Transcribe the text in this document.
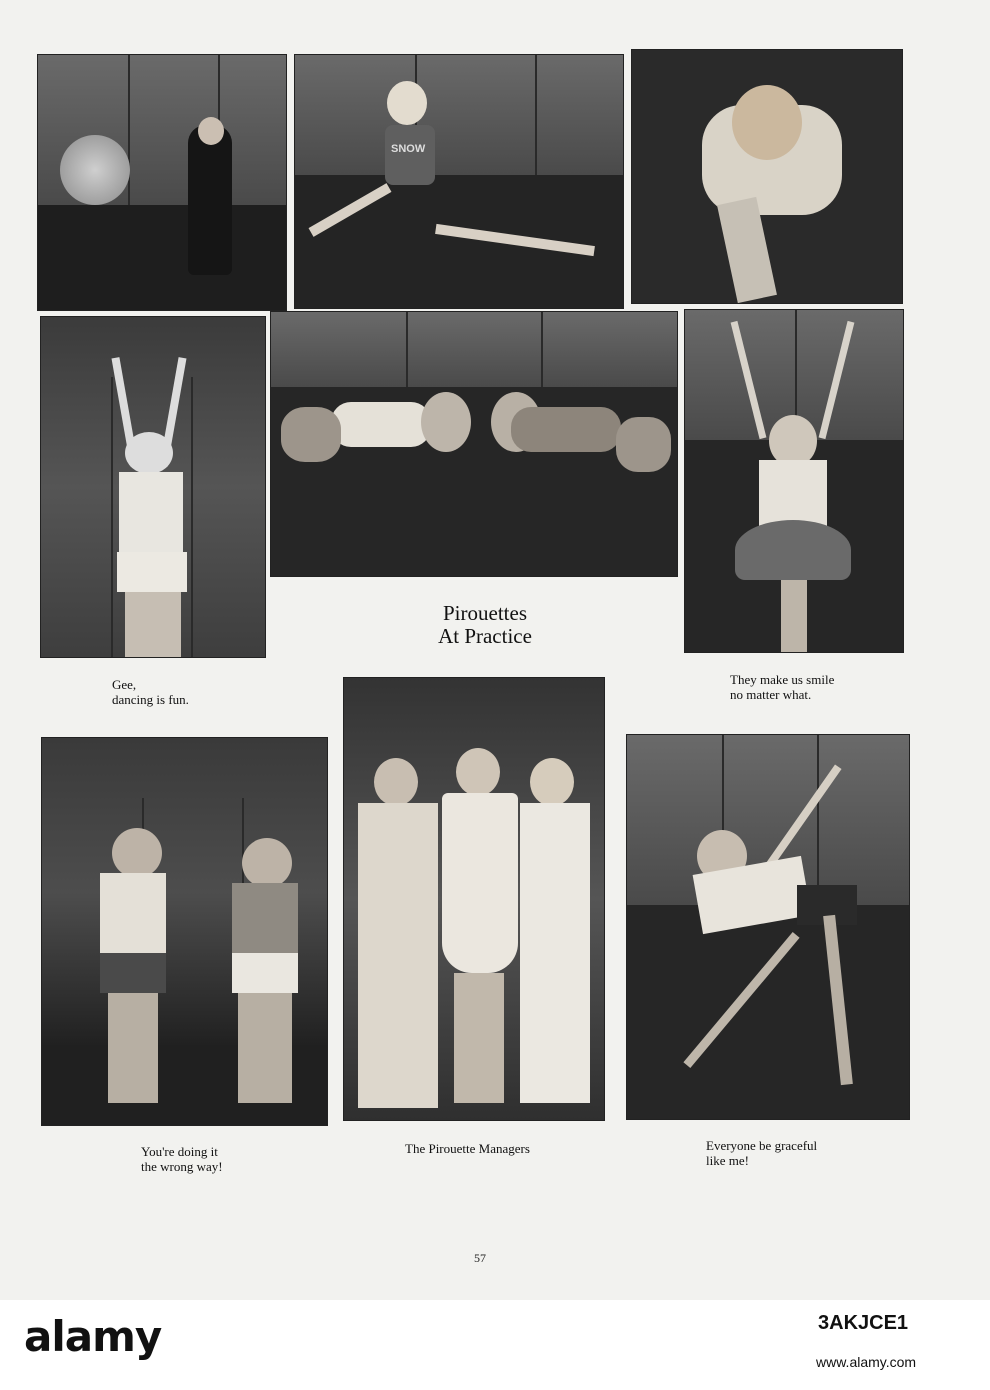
SNOW
Pirouettes
At Practice
Gee,
dancing is fun.
They make us smile
no matter what.
You're doing it
the wrong way!
The Pirouette Managers	Everyone be graceful
like me!
57
alamy	3AKJCE1
www.alamy.com
